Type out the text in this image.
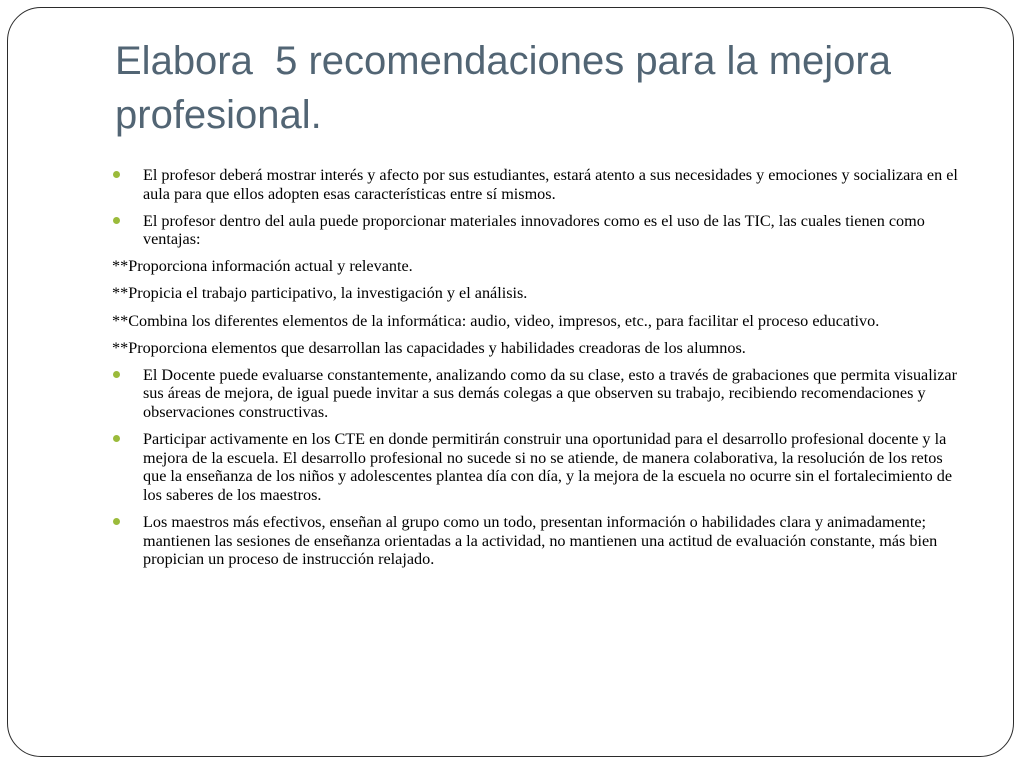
Elabora  5 recomendaciones para la mejora profesional.

El profesor deberá mostrar interés y afecto por sus estudiantes, estará atento a sus necesidades y emociones y socializara en el aula para que ellos adopten esas características entre sí mismos.

El profesor dentro del aula puede proporcionar materiales innovadores como es el uso de las TIC, las cuales tienen como ventajas:

**Proporciona información actual y relevante.

**Propicia el trabajo participativo, la investigación y el análisis.

**Combina los diferentes elementos de la informática: audio, video, impresos, etc., para facilitar el proceso educativo.

**Proporciona elementos que desarrollan las capacidades y habilidades creadoras de los alumnos.

El Docente puede evaluarse constantemente, analizando como da su clase, esto a través de grabaciones que permita visualizar sus áreas de mejora, de igual puede invitar a sus demás colegas a que observen su trabajo, recibiendo recomendaciones y observaciones constructivas.

Participar activamente en los CTE en donde permitirán construir una oportunidad para el desarrollo profesional docente y la mejora de la escuela. El desarrollo profesional no sucede si no se atiende, de manera colaborativa, la resolución de los retos que la enseñanza de los niños y adolescentes plantea día con día, y la mejora de la escuela no ocurre sin el fortalecimiento de los saberes de los maestros.

Los maestros más efectivos, enseñan al grupo como un todo, presentan información o habilidades clara y animadamente; mantienen las sesiones de enseñanza orientadas a la actividad, no mantienen una actitud de evaluación constante, más bien propician un proceso de instrucción relajado.
